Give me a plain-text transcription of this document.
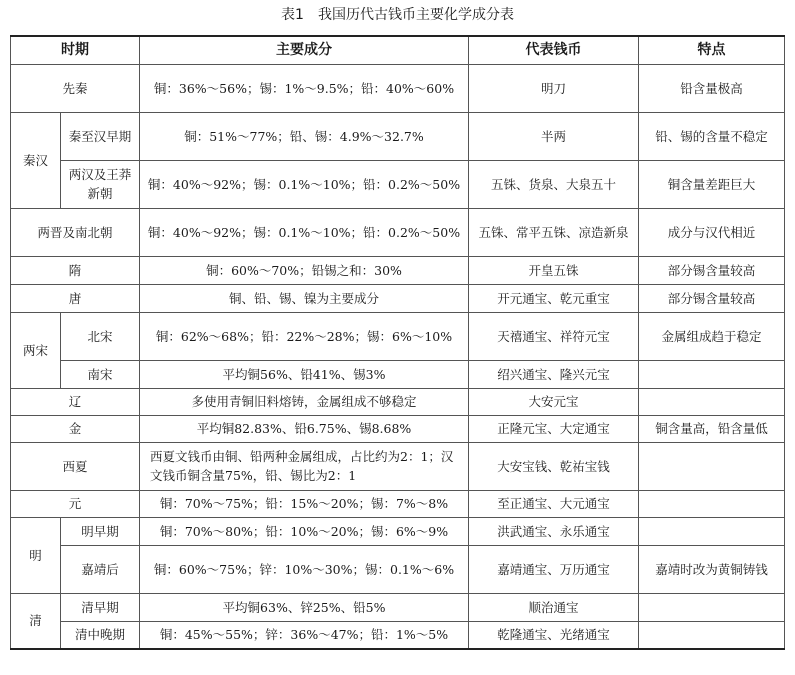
表1 我国历代古钱币主要化学成分表
时期		主要成分	代表钱币	特点
先秦		铜：36%～56%；锡：1%～9.5%；铅：40%～60%	明刀	铅含量极高
秦汉	秦至汉早期	铜：51%～77%；铅、锡：4.9%～32.7%	半两	铅、锡的含量不稳定
	两汉及王莽新朝	铜：40%～92%；锡：0.1%～10%；铅：0.2%～50%	五铢、货泉、大泉五十	铜含量差距巨大
两晋及南北朝		铜：40%～92%；锡：0.1%～10%；铅：0.2%～50%	五铢、常平五铢、凉造新泉	成分与汉代相近
隋		铜：60%～70%；铅锡之和：30%	开皇五铢	部分锡含量较高
唐		铜、铅、锡、镍为主要成分	开元通宝、乾元重宝	部分锡含量较高
两宋	北宋	铜：62%～68%；铅：22%～28%；锡：6%～10%	天禧通宝、祥符元宝	金属组成趋于稳定
	南宋	平均铜56%、铅41%、锡3%	绍兴通宝、隆兴元宝	
辽		多使用青铜旧料熔铸，金属组成不够稳定	大安元宝	
金		平均铜82.83%、铅6.75%、锡8.68%	正隆元宝、大定通宝	铜含量高，铅含量低
西夏		西夏文钱币由铜、铅两种金属组成，占比约为2：1；汉文钱币铜含量75%，铅、锡比为2：1	大安宝钱、乾祐宝钱	
元		铜：70%～75%；铅：15%～20%；锡：7%～8%	至正通宝、大元通宝	
明	明早期	铜：70%～80%；铅：10%～20%；锡：6%～9%	洪武通宝、永乐通宝	
	嘉靖后	铜：60%～75%；锌：10%～30%；锡：0.1%～6%	嘉靖通宝、万历通宝	嘉靖时改为黄铜铸钱
清	清早期	平均铜63%、锌25%、铅5%	顺治通宝	
	清中晚期	铜：45%～55%；锌：36%～47%；铅：1%～5%	乾隆通宝、光绪通宝	
